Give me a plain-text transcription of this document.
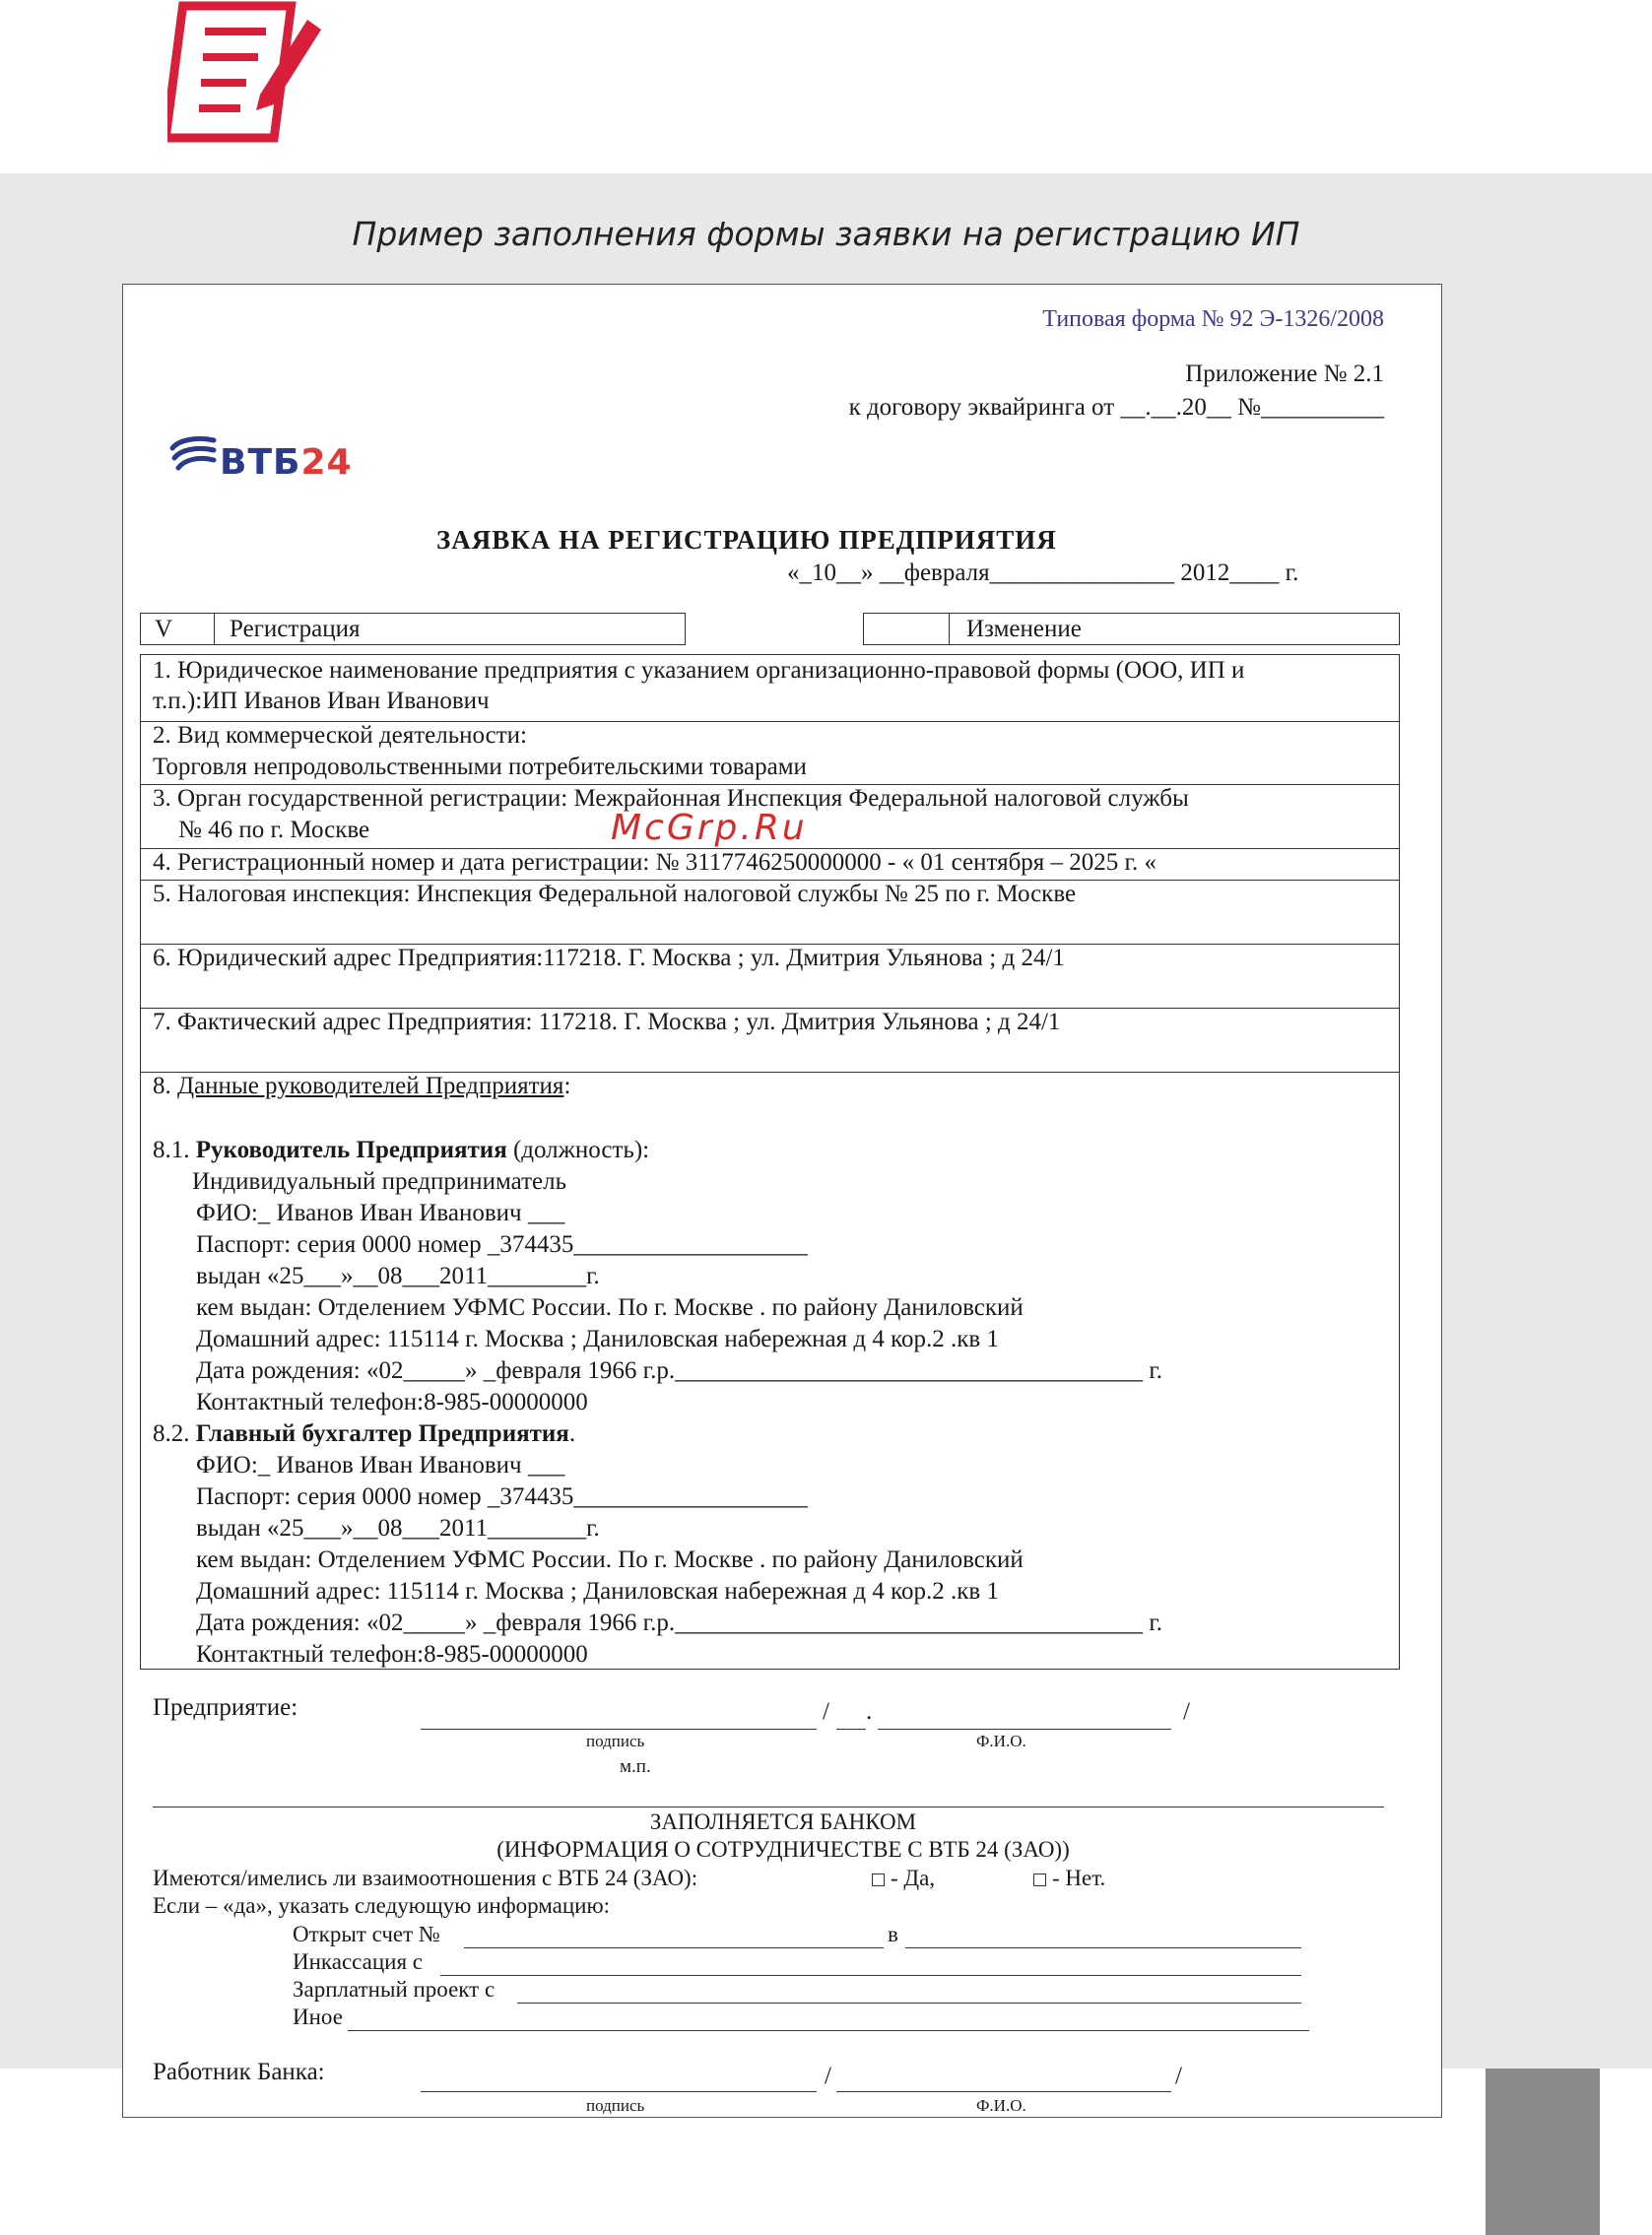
Пример заполнения формы заявки на регистрацию ИП
Типовая форма № 92 Э-1326/2008
Приложение № 2.1
к договору эквайринга от __.__.20__ №__________
ВТБ24
ЗАЯВКА НА РЕГИСТРАЦИЮ ПРЕДПРИЯТИЯ
«_10__» __февраля_______________ 2012____ г.
V Регистрация	Изменение
1. Юридическое наименование предприятия с указанием организационно-правовой формы (ООО, ИП и
т.п.):ИП Иванов Иван Иванович
2. Вид коммерческой деятельности:
Торговля непродовольственными потребительскими товарами
3. Орган государственной регистрации: Межрайонная Инспекция Федеральной налоговой службы
№ 46 по г. Москве
4. Регистрационный номер и дата регистрации: № 3117746250000000 - « 01 сентября – 2025 г. «
5. Налоговая инспекция: Инспекция Федеральной налоговой службы № 25 по г. Москве
6. Юридический адрес Предприятия:117218. Г. Москва ; ул. Дмитрия Ульянова ; д 24/1
7. Фактический адрес Предприятия: 117218. Г. Москва ; ул. Дмитрия Ульянова ; д 24/1
8. Данные руководителей Предприятия:
8.1. Руководитель Предприятия (должность):
Индивидуальный предприниматель
ФИО:_ Иванов Иван Иванович ___
Паспорт: серия 0000 номер _374435___________________
выдан «25___»__08___2011________г.
кем выдан: Отделением УФМС России. По г. Москве . по району Даниловский
Домашний адрес: 115114 г. Москва ; Даниловская набережная д 4 кор.2 .кв 1
Дата рождения: «02_____» _февраля 1966 г.р.______________________________________ г.
Контактный телефон:8-985-00000000
8.2. Главный бухгалтер Предприятия.
ФИО:_ Иванов Иван Иванович ___
Паспорт: серия 0000 номер _374435___________________
выдан «25___»__08___2011________г.
кем выдан: Отделением УФМС России. По г. Москве . по району Даниловский
Домашний адрес: 115114 г. Москва ; Даниловская набережная д 4 кор.2 .кв 1
Дата рождения: «02_____» _февраля 1966 г.р.______________________________________ г.
Контактный телефон:8-985-00000000
Предприятие:	/ .	/
подпись	Ф.И.О.
м.п.
ЗАПОЛНЯЕТСЯ БАНКОМ
(ИНФОРМАЦИЯ О СОТРУДНИЧЕСТВЕ С ВТБ 24 (ЗАО))
Имеются/имелись ли взаимоотношения с ВТБ 24 (ЗАО):	- Да,	- Нет.
Если – «да», указать следующую информацию:
Открыт счет №	в
Инкассация с
Зарплатный проект с
Иное
Работник Банка:	/	/
подпись	Ф.И.О.
McGrp.Ru
